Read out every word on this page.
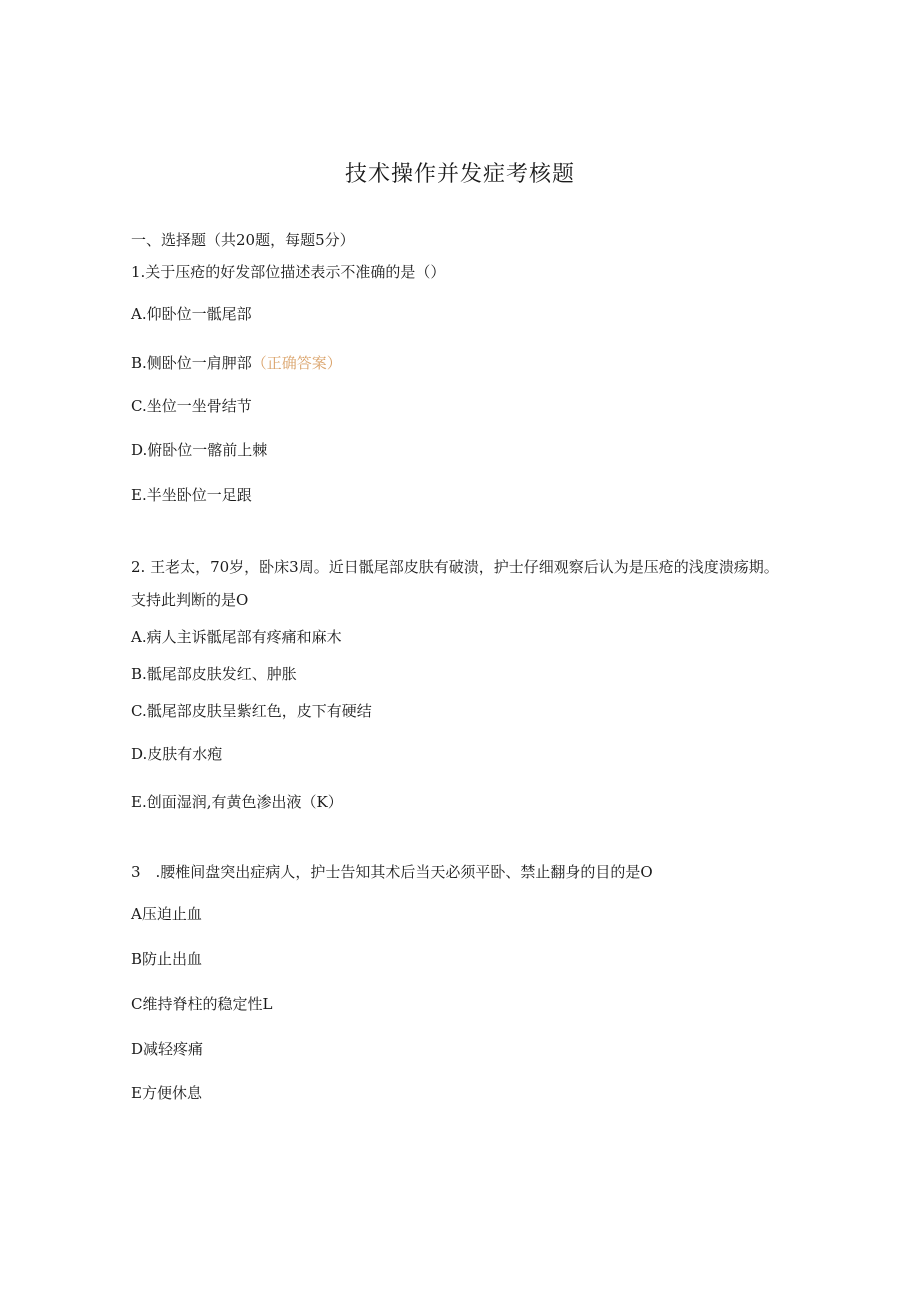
技术操作并发症考核题
一、选择题（共20题，每题5分）
1.关于压疮的好发部位描述表示不准确的是（）
A.仰卧位一骶尾部
B.侧卧位一肩胛部（正确答案）
C.坐位一坐骨结节
D.俯卧位一髂前上棘
E.半坐卧位一足跟
2. 王老太，70岁，卧床3周。近日骶尾部皮肤有破溃，护士仔细观察后认为是压疮的浅度溃疡期。支持此判断的是O
A.病人主诉骶尾部有疼痛和麻木
B.骶尾部皮肤发红、肿胀
C.骶尾部皮肤呈紫红色，皮下有硬结
D.皮肤有水疱
E.创面湿润,有黄色渗出液（K）
3　.腰椎间盘突出症病人，护士告知其术后当天必须平卧、禁止翻身的目的是O
A压迫止血
B防止出血
C维持脊柱的稳定性L
D减轻疼痛
E方便休息
